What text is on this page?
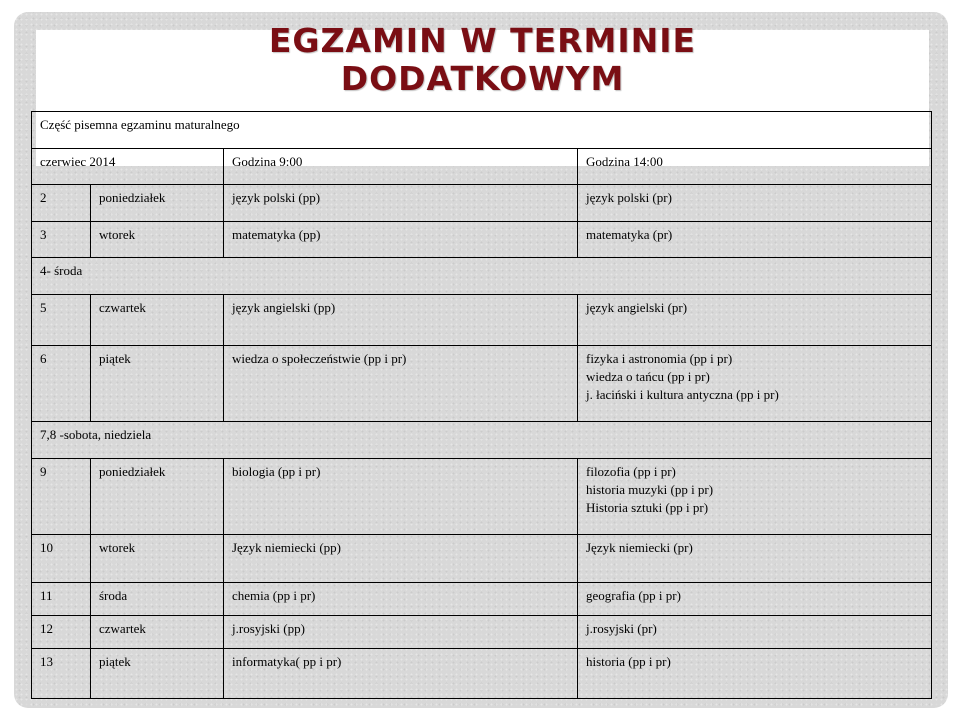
EGZAMIN W TERMINIE
DODATKOWYM
Część pisemna egzaminu maturalnego			
czerwiec 2014		Godzina 9:00	Godzina 14:00
2	poniedziałek	język polski (pp)	język polski (pr)

3	wtorek	matematyka (pp)	matematyka (pr)

4- środa			
5	czwartek	język angielski (pp)	język angielski (pr)

6	piątek	wiedza o społeczeństwie (pp i pr)	fizyka i astronomia (pp i pr)
wiedza o tańcu (pp i pr)
j. łaciński i kultura antyczna (pp i pr)

7,8 -sobota, niedziela			
9	poniedziałek	biologia (pp i pr)	filozofia (pp i pr)
historia muzyki (pp i pr)
Historia sztuki (pp i pr)

10	wtorek	Język niemiecki (pp)	Język niemiecki (pr)

11	środa	chemia (pp i pr)	geografia (pp i pr)

12	czwartek	j.rosyjski (pp)	j.rosyjski (pr)

13	piątek	informatyka( pp i pr)	historia (pp i pr)
